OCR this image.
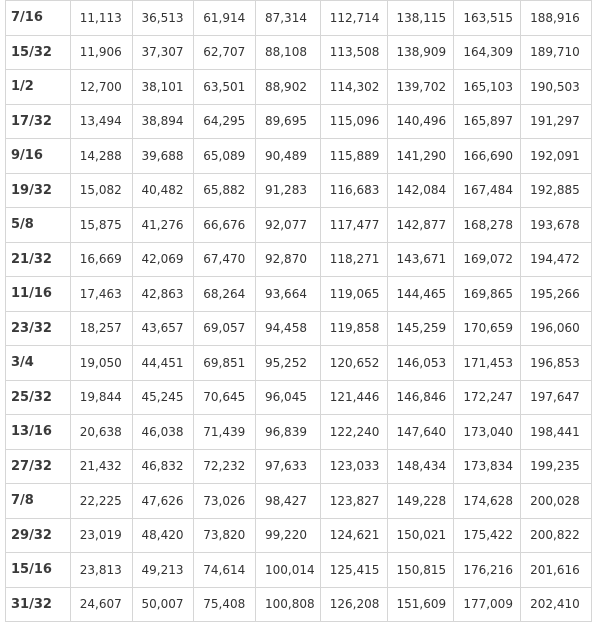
7/16	11,113	36,513	61,914	87,314	112,714	138,115	163,515	188,916
15/32	11,906	37,307	62,707	88,108	113,508	138,909	164,309	189,710
1/2	12,700	38,101	63,501	88,902	114,302	139,702	165,103	190,503
17/32	13,494	38,894	64,295	89,695	115,096	140,496	165,897	191,297
9/16	14,288	39,688	65,089	90,489	115,889	141,290	166,690	192,091
19/32	15,082	40,482	65,882	91,283	116,683	142,084	167,484	192,885
5/8	15,875	41,276	66,676	92,077	117,477	142,877	168,278	193,678
21/32	16,669	42,069	67,470	92,870	118,271	143,671	169,072	194,472
11/16	17,463	42,863	68,264	93,664	119,065	144,465	169,865	195,266
23/32	18,257	43,657	69,057	94,458	119,858	145,259	170,659	196,060
3/4	19,050	44,451	69,851	95,252	120,652	146,053	171,453	196,853
25/32	19,844	45,245	70,645	96,045	121,446	146,846	172,247	197,647
13/16	20,638	46,038	71,439	96,839	122,240	147,640	173,040	198,441
27/32	21,432	46,832	72,232	97,633	123,033	148,434	173,834	199,235
7/8	22,225	47,626	73,026	98,427	123,827	149,228	174,628	200,028
29/32	23,019	48,420	73,820	99,220	124,621	150,021	175,422	200,822
15/16	23,813	49,213	74,614	100,014	125,415	150,815	176,216	201,616
31/32	24,607	50,007	75,408	100,808	126,208	151,609	177,009	202,410
